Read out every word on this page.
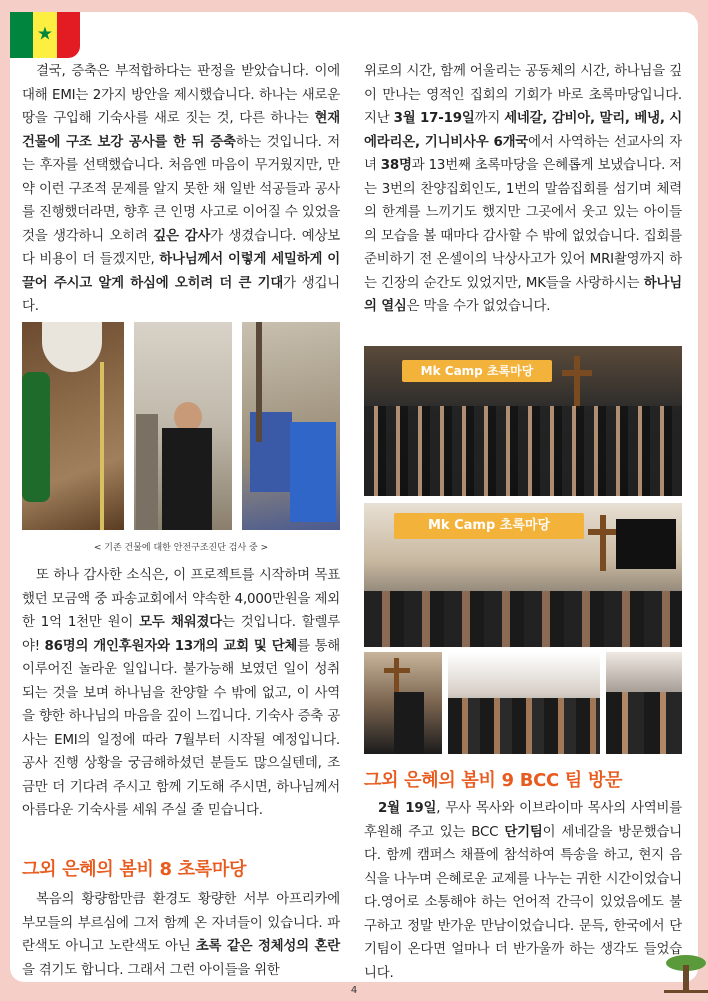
★

결국, 증축은 부적합하다는 판정을 받았습니다. 이에 대해 EMI는 2가지 방안을 제시했습니다. 하나는 새로운 땅을 구입해 기숙사를 새로 짓는 것, 다른 하나는 현재 건물에 구조 보강 공사를 한 뒤 증축하는 것입니다. 저는 후자를 선택했습니다. 처음엔 마음이 무거웠지만, 만약 이런 구조적 문제를 알지 못한 채 일반 석공들과 공사를 진행했더라면, 향후 큰 인명 사고로 이어질 수 있었을 것을 생각하니 오히려 깊은 감사가 생겼습니다. 예상보다 비용이 더 들겠지만, 하나님께서 이렇게 세밀하게 이끌어 주시고 알게 하심에 오히려 더 큰 기대가 생깁니다.

< 기존 건물에 대한 안전구조진단 검사 중 >

또 하나 감사한 소식은, 이 프로젝트를 시작하며 목표했던 모금액 중 파송교회에서 약속한 4,000만원을 제외한 1억 1천만 원이 모두 채워졌다는 것입니다. 할렐루야! 86명의 개인후원자와 13개의 교회 및 단체를 통해 이루어진 놀라운 일입니다. 불가능해 보였던 일이 성취되는 것을 보며 하나님을 찬양할 수 밖에 없고, 이 사역을 향한 하나님의 마음을 깊이 느낍니다. 기숙사 증축 공사는 EMI의 일정에 따라 7월부터 시작될 예정입니다. 공사 진행 상황을 궁금해하셨던 분들도 많으실텐데, 조금만 더 기다려 주시고 함께 기도해 주시면, 하나님께서 아름다운 기숙사를 세워 주실 줄 믿습니다.

그외 은혜의 봄비 8 초록마당

복음의 황량함만큼 환경도 황량한 서부 아프리카에 부모들의 부르심에 그저 함께 온 자녀들이 있습니다. 파란색도 아니고 노란색도 아닌 초록 같은 정체성의 혼란을 겪기도 합니다. 그래서 그런 아이들을 위한

위로의 시간, 함께 어울리는 공동체의 시간, 하나님을 깊이 만나는 영적인 집회의 기회가 바로 초록마당입니다. 지난 3월 17-19일까지 세네갈, 감비아, 말리, 베냉, 시에라리온, 기니비사우 6개국에서 사역하는 선교사의 자녀 38명과 13번째 초록마당을 은혜롭게 보냈습니다. 저는 3번의 찬양집회인도, 1번의 말씀집회를 섬기며 체력의 한계를 느끼기도 했지만 그곳에서 웃고 있는 아이들의 모습을 볼 때마다 감사할 수 밖에 없었습니다. 집회를 준비하기 전 온셀이의 낙상사고가 있어 MRI촬영까지 하는 긴장의 순간도 있었지만, MK들을 사랑하시는 하나님의 열심은 막을 수가 없었습니다.

Mk Camp 초록마당
Mk Camp 초록마당
그외 은혜의 봄비 9 BCC 팀 방문

2월 19일, 무사 목사와 이브라이마 목사의 사역비를 후원해 주고 있는 BCC 단기팀이 세네갈을 방문했습니다. 함께 캠퍼스 채플에 참석하여 특송을 하고, 현지 음식을 나누며 은혜로운 교제를 나누는 귀한 시간이었습니다.영어로 소통해야 하는 언어적 간극이 있었음에도 불구하고 정말 반가운 만남이었습니다. 문득, 한국에서 단기팀이 온다면 얼마나 더 반가울까 하는 생각도 들었습니다.

4
